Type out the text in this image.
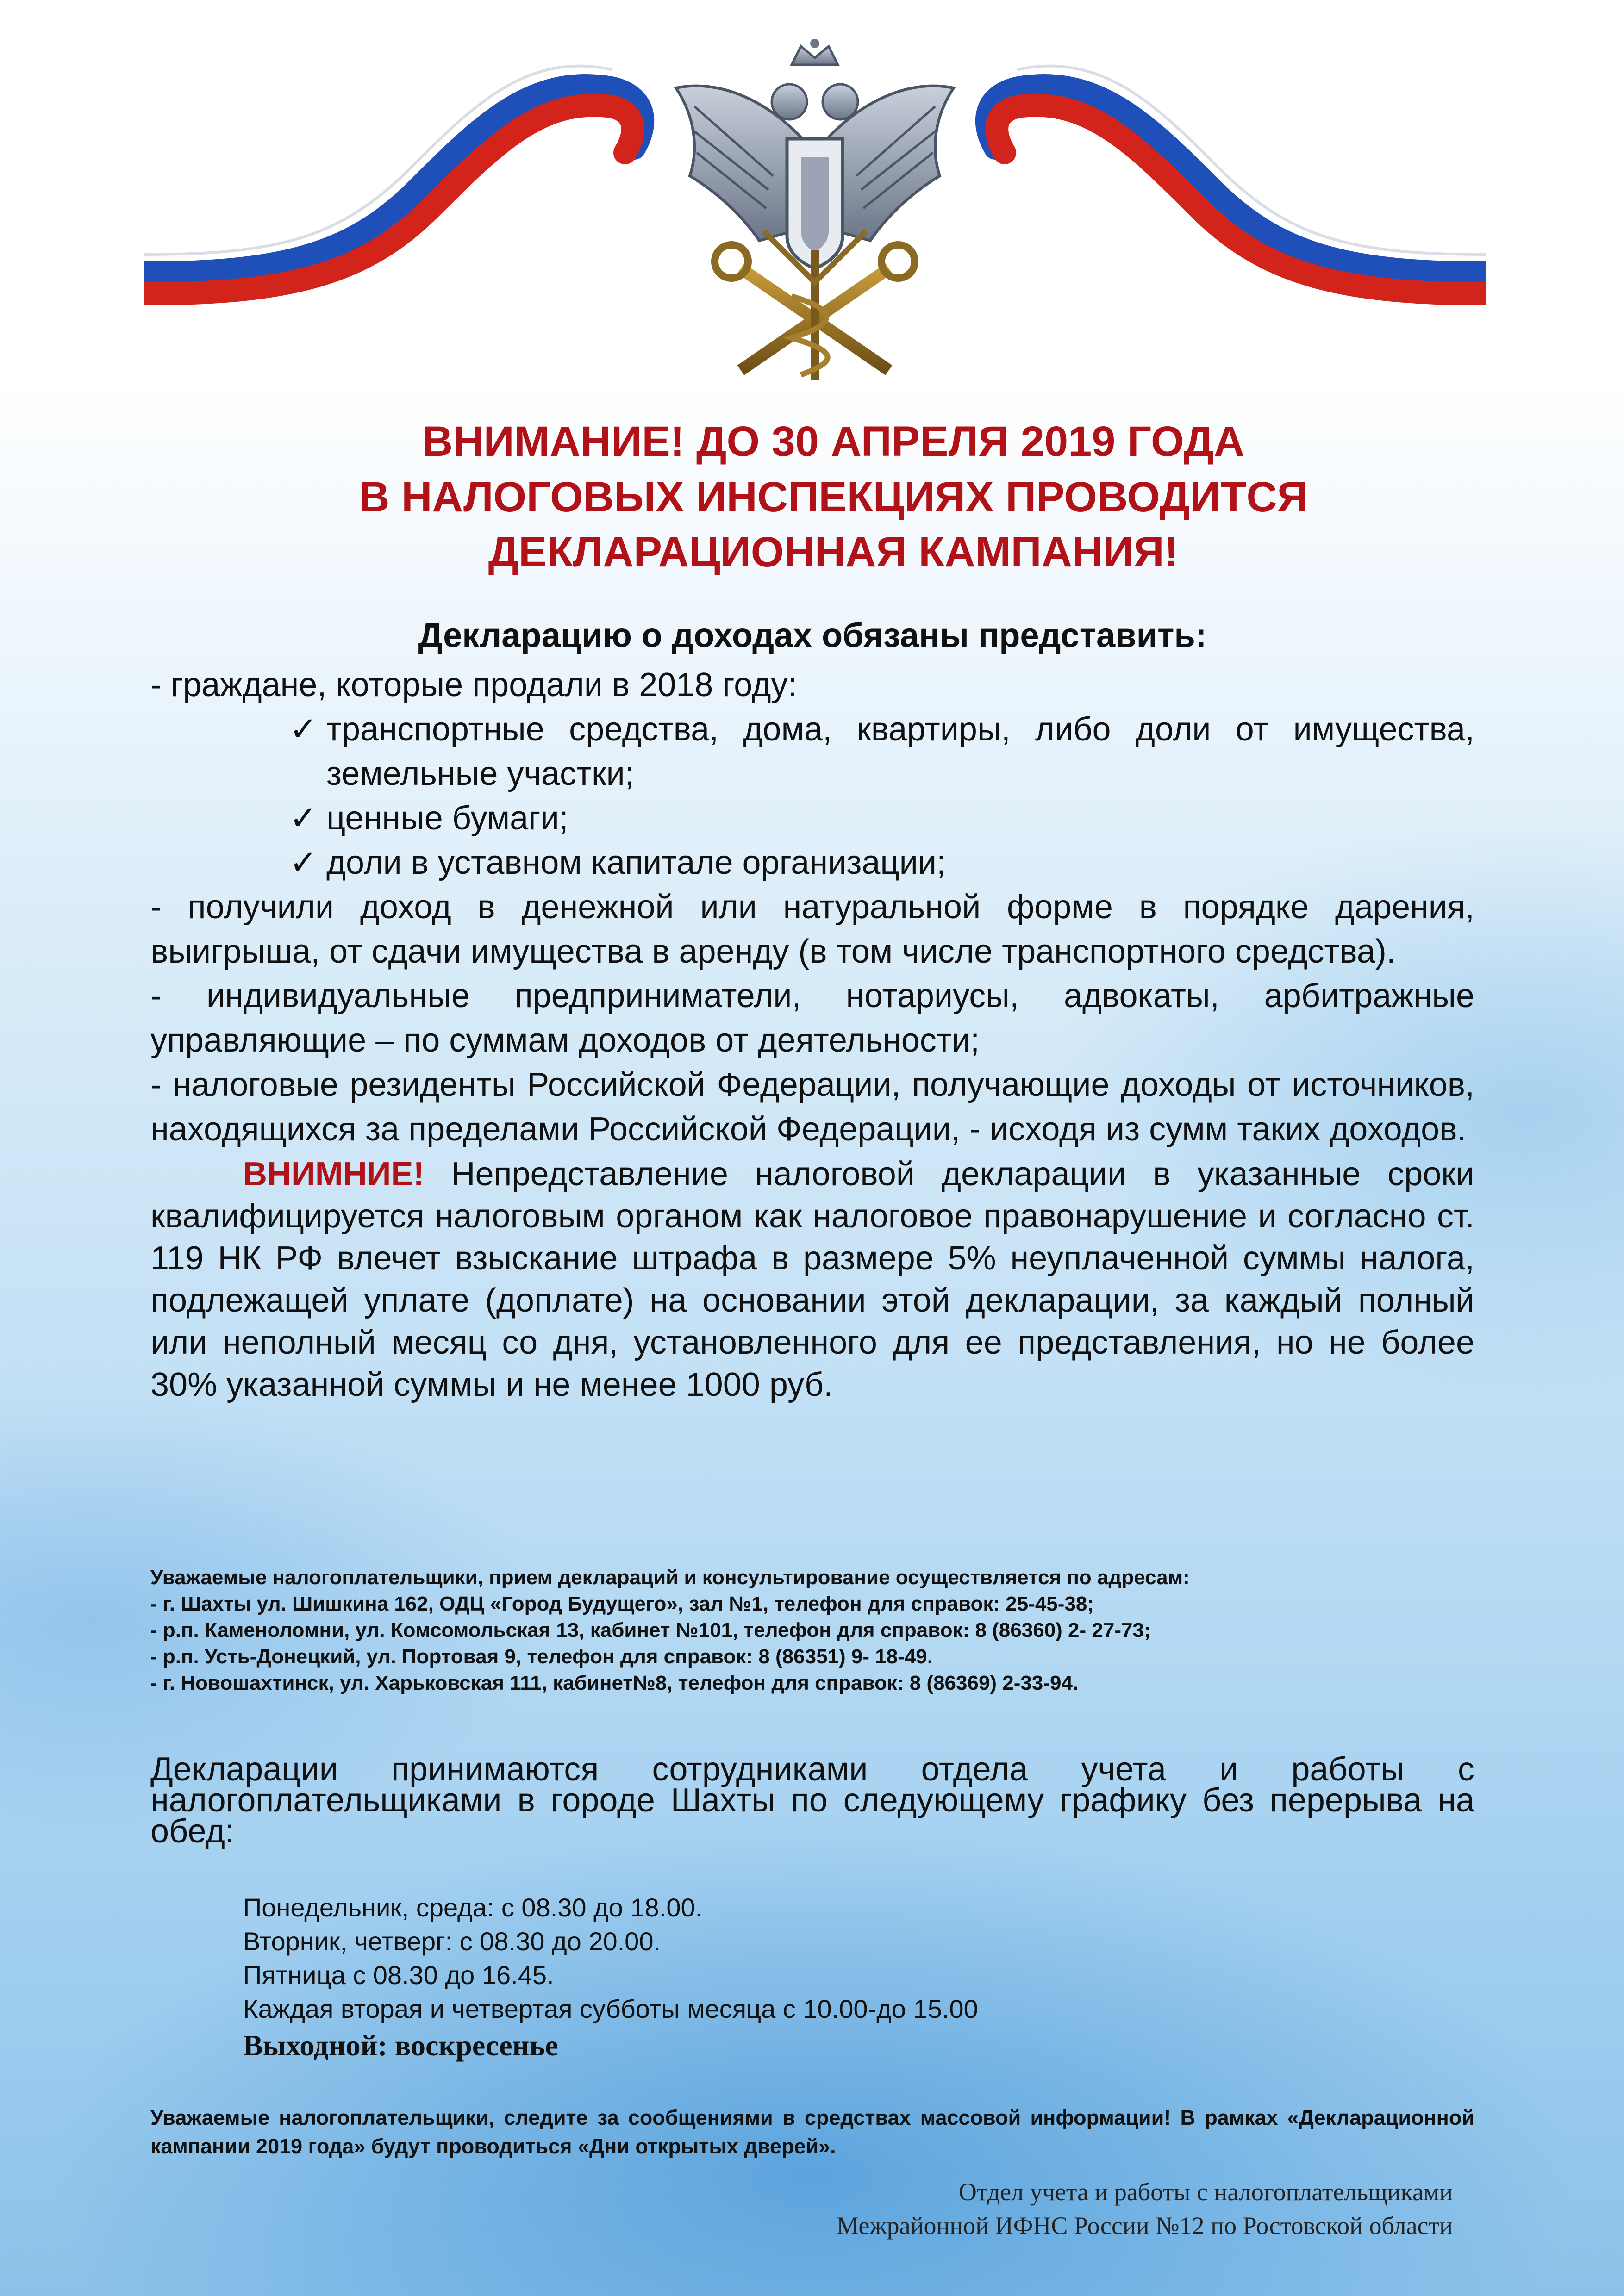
ВНИМАНИЕ! ДО 30 АПРЕЛЯ 2019 ГОДА
В НАЛОГОВЫХ ИНСПЕКЦИЯХ ПРОВОДИТСЯ
ДЕКЛАРАЦИОННАЯ КАМПАНИЯ!
Декларацию о доходах обязаны представить:

- граждане, которые продали в 2018 году:

✓ транспортные средства, дома, квартиры, либо доли от имущества, земельные участки;
✓ ценные бумаги;
✓ доли в уставном капитале организации;

- получили доход в денежной или натуральной форме в порядке дарения, выигрыша, от сдачи имущества в аренду (в том числе транспортного средства).

- индивидуальные предприниматели, нотариусы, адвокаты, арбитражные управляющие – по суммам доходов от деятельности;

- налоговые резиденты Российской Федерации, получающие доходы от источников, находящихся за пределами Российской Федерации, - исходя из сумм таких доходов.

ВНИМНИЕ! Непредставление налоговой декларации в указанные сроки квалифицируется налоговым органом как налоговое правонарушение и согласно ст. 119 НК РФ влечет взыскание штрафа в размере 5% неуплаченной суммы налога, подлежащей уплате (доплате) на основании этой декларации, за каждый полный или неполный месяц со дня, установленного для ее представления, но не более 30% указанной суммы и не менее 1000 руб.

Уважаемые налогоплательщики, прием деклараций и консультирование осуществляется по адресам:
- г. Шахты ул. Шишкина 162, ОДЦ «Город Будущего», зал №1, телефон для справок: 25-45-38;
- р.п. Каменоломни, ул. Комсомольская 13, кабинет №101, телефон для справок: 8 (86360) 2- 27-73;
- р.п. Усть-Донецкий, ул. Портовая 9, телефон для справок: 8 (86351) 9- 18-49.
- г. Новошахтинск, ул. Харьковская 111, кабинет№8, телефон для справок: 8 (86369) 2-33-94.
Декларации принимаются сотрудниками отдела учета и работы с налогоплательщиками в городе Шахты по следующему графику без перерыва на обед:
Понедельник, среда: с 08.30 до 18.00.
Вторник, четверг: с 08.30 до 20.00.
Пятница с 08.30 до 16.45.
Каждая вторая и четвертая субботы месяца с 10.00-до 15.00
Выходной: воскресенье
Уважаемые налогоплательщики, следите за сообщениями в средствах массовой информации! В рамках «Декларационной кампании 2019 года» будут проводиться «Дни открытых дверей».
Отдел учета и работы с налогоплательщиками
Межрайонной ИФНС России №12 по Ростовской области
